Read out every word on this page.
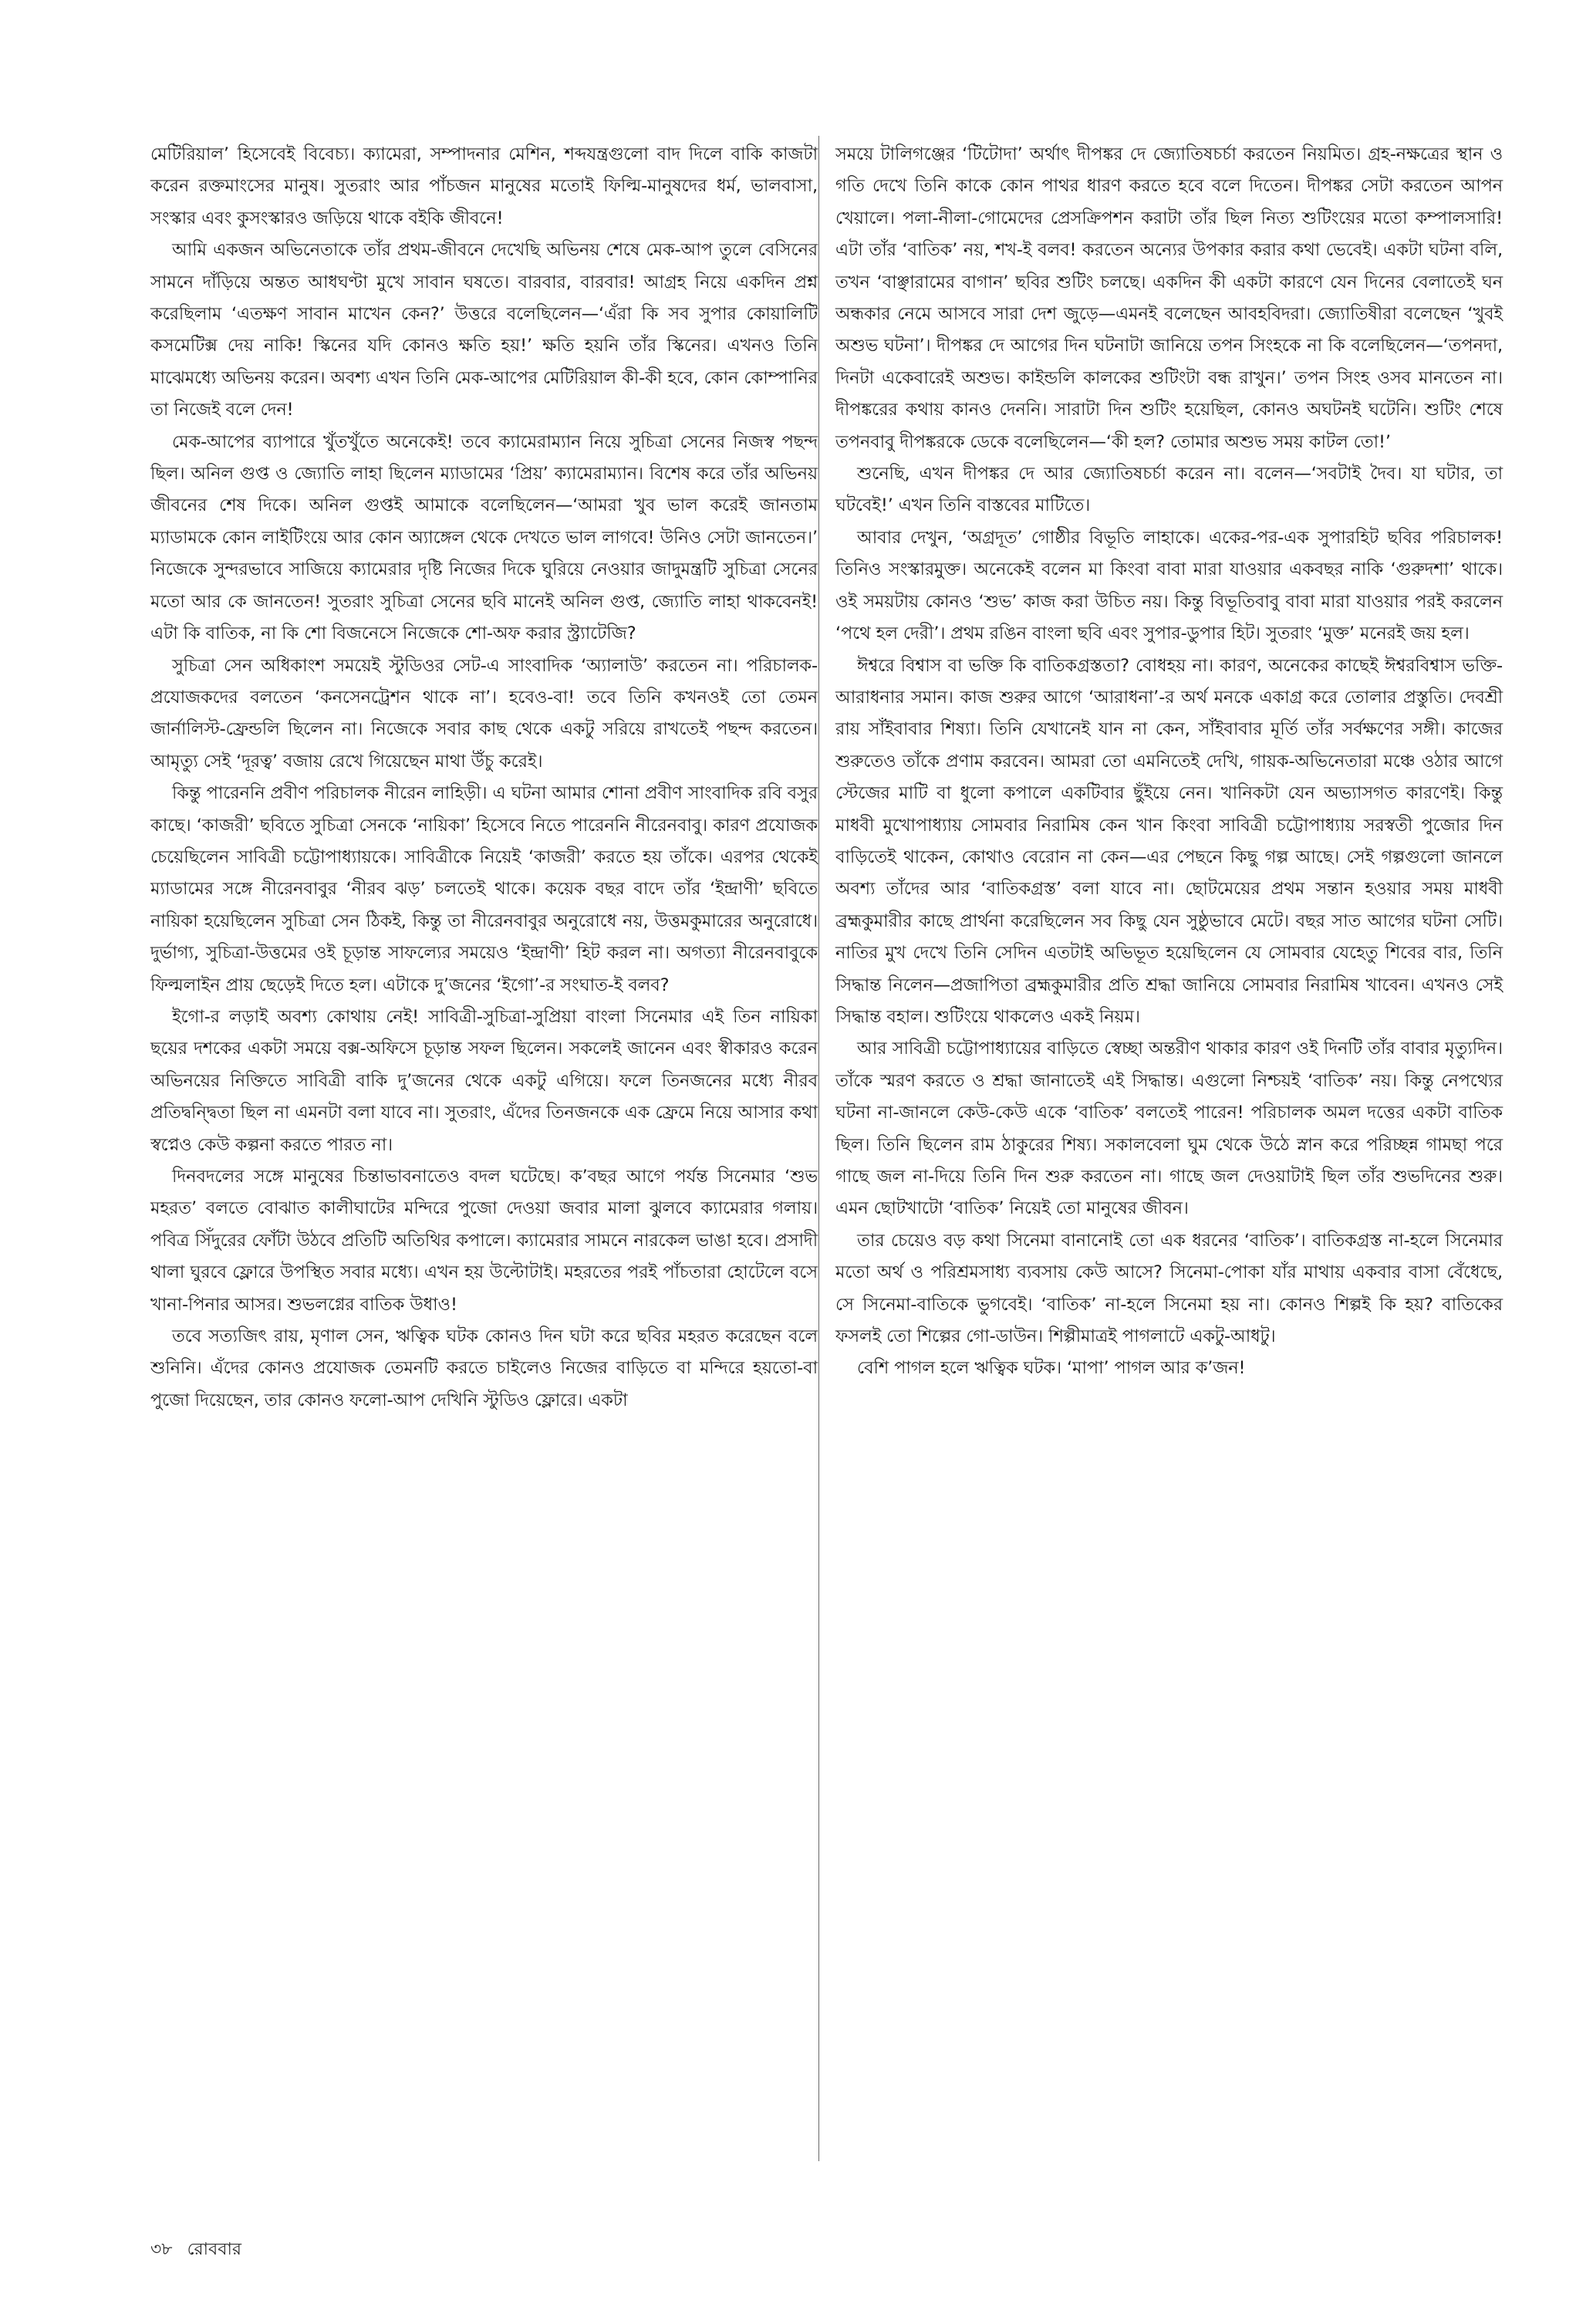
মেটিরিয়াল’ হিসেবেই বিবেচ্য। ক্যামেরা, সম্পাদনার মেশিন, শব্দযন্ত্রগুলো বাদ দিলে বাকি কাজটা করেন রক্তমাংসের মানুষ। সুতরাং আর পাঁচজন মানুষের মতোই ফিল্মি-মানুষদের ধর্ম, ভালবাসা, সংস্কার এবং কুসংস্কারও জড়িয়ে থাকে বইকি জীবনে!

আমি একজন অভিনেতাকে তাঁর প্রথম-জীবনে দেখেছি অভিনয় শেষে মেক-আপ তুলে বেসিনের সামনে দাঁড়িয়ে অন্তত আধঘণ্টা মুখে সাবান ঘষতে। বারবার, বারবার! আগ্রহ নিয়ে একদিন প্রশ্ন করেছিলাম ‘এতক্ষণ সাবান মাখেন কেন?’ উত্তরে বলেছিলেন—‘এঁরা কি সব সুপার কোয়ালিটি কসমেটিক্স দেয় নাকি! স্কিনের যদি কোনও ক্ষতি হয়!’ ক্ষতি হয়নি তাঁর স্কিনের। এখনও তিনি মাঝেমধ্যে অভিনয় করেন। অবশ্য এখন তিনি মেক-আপের মেটিরিয়াল কী-কী হবে, কোন কোম্পানির তা নিজেই বলে দেন!

মেক-আপের ব্যাপারে খুঁতখুঁতে অনেকেই! তবে ক্যামেরাম্যান নিয়ে সুচিত্রা সেনের নিজস্ব পছন্দ ছিল। অনিল গুপ্ত ও জ্যোতি লাহা ছিলেন ম্যাডামের ‘প্রিয়’ ক্যামেরাম্যান। বিশেষ করে তাঁর অভিনয় জীবনের শেষ দিকে। অনিল গুপ্তই আমাকে বলেছিলেন—‘আমরা খুব ভাল করেই জানতাম ম্যাডামকে কোন লাইটিংয়ে আর কোন অ্যাঙ্গেল থেকে দেখতে ভাল লাগবে! উনিও সেটা জানতেন।’ নিজেকে সুন্দরভাবে সাজিয়ে ক্যামেরার দৃষ্টি নিজের দিকে ঘুরিয়ে নেওয়ার জাদুমন্ত্রটি সুচিত্রা সেনের মতো আর কে জানতেন! সুতরাং সুচিত্রা সেনের ছবি মানেই অনিল গুপ্ত, জ্যোতি লাহা থাকবেনই! এটা কি বাতিক, না কি শো বিজনেসে নিজেকে শো-অফ করার স্ট্র্যাটেজি?

সুচিত্রা সেন অধিকাংশ সময়েই স্টুডিওর সেট-এ সাংবাদিক ‘অ্যালাউ’ করতেন না। পরিচালক-প্রযোজকদের বলতেন ‘কনসেনট্রেশন থাকে না’। হবেও-বা! তবে তিনি কখনওই তো তেমন জার্নালিস্ট-ফ্রেন্ডলি ছিলেন না। নিজেকে সবার কাছ থেকে একটু সরিয়ে রাখতেই পছন্দ করতেন। আমৃত্যু সেই ‘দূরত্ব’ বজায় রেখে গিয়েছেন মাথা উঁচু করেই।

কিন্তু পারেননি প্রবীণ পরিচালক নীরেন লাহিড়ী। এ ঘটনা আমার শোনা প্রবীণ সাংবাদিক রবি বসুর কাছে। ‘কাজরী’ ছবিতে সুচিত্রা সেনকে ‘নায়িকা’ হিসেবে নিতে পারেননি নীরেনবাবু। কারণ প্রযোজক চেয়েছিলেন সাবিত্রী চট্টোপাধ্যায়কে। সাবিত্রীকে নিয়েই ‘কাজরী’ করতে হয় তাঁকে। এরপর থেকেই ম্যাডামের সঙ্গে নীরেনবাবুর ‘নীরব ঝড়’ চলতেই থাকে। কয়েক বছর বাদে তাঁর ‘ইন্দ্রাণী’ ছবিতে নায়িকা হয়েছিলেন সুচিত্রা সেন ঠিকই, কিন্তু তা নীরেনবাবুর অনুরোধে নয়, উত্তমকুমারের অনুরোধে। দুর্ভাগ্য, সুচিত্রা-উত্তমের ওই চূড়ান্ত সাফল্যের সময়েও ‘ইন্দ্রাণী’ হিট করল না। অগত্যা নীরেনবাবুকে ফিল্মলাইন প্রায় ছেড়েই দিতে হল। এটাকে দু’জনের ‘ইগো’-র সংঘাত-ই বলব?

ইগো-র লড়াই অবশ্য কোথায় নেই! সাবিত্রী-সুচিত্রা-সুপ্রিয়া বাংলা সিনেমার এই তিন নায়িকা ছয়ের দশকের একটা সময়ে বক্স-অফিসে চূড়ান্ত সফল ছিলেন। সকলেই জানেন এবং স্বীকারও করেন অভিনয়ের নিক্তিতে সাবিত্রী বাকি দু’জনের থেকে একটু এগিয়ে। ফলে তিনজনের মধ্যে নীরব প্রতিদ্বন্দ্বিতা ছিল না এমনটা বলা যাবে না। সুতরাং, এঁদের তিনজনকে এক ফ্রেমে নিয়ে আসার কথা স্বপ্নেও কেউ কল্পনা করতে পারত না।

দিনবদলের সঙ্গে মানুষের চিন্তাভাবনাতেও বদল ঘটেছে। ক’বছর আগে পর্যন্ত সিনেমার ‘শুভ মহরত’ বলতে বোঝাত কালীঘাটের মন্দিরে পুজো দেওয়া জবার মালা ঝুলবে ক্যামেরার গলায়। পবিত্র সিঁদুরের ফোঁটা উঠবে প্রতিটি অতিথির কপালে। ক্যামেরার সামনে নারকেল ভাঙা হবে। প্রসাদী থালা ঘুরবে ফ্লোরে উপস্থিত সবার মধ্যে। এখন হয় উল্টোটাই। মহরতের পরই পাঁচতারা হোটেলে বসে খানা-পিনার আসর। শুভলগ্নের বাতিক উধাও!

তবে সত্যজিৎ রায়, মৃণাল সেন, ঋত্বিক ঘটক কোনও দিন ঘটা করে ছবির মহরত করেছেন বলে শুনিনি। এঁদের কোনও প্রযোজক তেমনটি করতে চাইলেও নিজের বাড়িতে বা মন্দিরে হয়তো-বা পুজো দিয়েছেন, তার কোনও ফলো-আপ দেখিনি স্টুডিও ফ্লোরে। একটা

সময়ে টালিগঞ্জের ‘টিটোদা’ অর্থাৎ দীপঙ্কর দে জ্যোতিষচর্চা করতেন নিয়মিত। গ্রহ-নক্ষত্রের স্থান ও গতি দেখে তিনি কাকে কোন পাথর ধারণ করতে হবে বলে দিতেন। দীপঙ্কর সেটা করতেন আপন খেয়ালে। পলা-নীলা-গোমেদের প্রেসক্রিপশন করাটা তাঁর ছিল নিত্য শুটিংয়ের মতো কম্পালসারি! এটা তাঁর ‘বাতিক’ নয়, শখ-ই বলব! করতেন অন্যের উপকার করার কথা ভেবেই। একটা ঘটনা বলি, তখন ‘বাঞ্ছারামের বাগান’ ছবির শুটিং চলছে। একদিন কী একটা কারণে যেন দিনের বেলাতেই ঘন অন্ধকার নেমে আসবে সারা দেশ জুড়ে—এমনই বলেছেন আবহবিদরা। জ্যোতিষীরা বলেছেন ‘খুবই অশুভ ঘটনা’। দীপঙ্কর দে আগের দিন ঘটনাটা জানিয়ে তপন সিংহকে না কি বলেছিলেন—‘তপনদা, দিনটা একেবারেই অশুভ। কাইন্ডলি কালকের শুটিংটা বন্ধ রাখুন।’ তপন সিংহ ওসব মানতেন না। দীপঙ্করের কথায় কানও দেননি। সারাটা দিন শুটিং হয়েছিল, কোনও অঘটনই ঘটেনি। শুটিং শেষে তপনবাবু দীপঙ্করকে ডেকে বলেছিলেন—‘কী হল? তোমার অশুভ সময় কাটল তো!’

শুনেছি, এখন দীপঙ্কর দে আর জ্যোতিষচর্চা করেন না। বলেন—‘সবটাই দৈব। যা ঘটার, তা ঘটবেই!’ এখন তিনি বাস্তবের মাটিতে।

আবার দেখুন, ‘অগ্রদূত’ গোষ্ঠীর বিভূতি লাহাকে। একের-পর-এক সুপারহিট ছবির পরিচালক! তিনিও সংস্কারমুক্ত। অনেকেই বলেন মা কিংবা বাবা মারা যাওয়ার একবছর নাকি ‘গুরুদশা’ থাকে। ওই সময়টায় কোনও ‘শুভ’ কাজ করা উচিত নয়। কিন্তু বিভূতিবাবু বাবা মারা যাওয়ার পরই করলেন ‘পথে হল দেরী’। প্রথম রঙিন বাংলা ছবি এবং সুপার-ডুপার হিট। সুতরাং ‘মুক্ত’ মনেরই জয় হল।

ঈশ্বরে বিশ্বাস বা ভক্তি কি বাতিকগ্রস্ততা? বোধহয় না। কারণ, অনেকের কাছেই ঈশ্বরবিশ্বাস ভক্তি-আরাধনার সমান। কাজ শুরুর আগে ‘আরাধনা’-র অর্থ মনকে একাগ্র করে তোলার প্রস্তুতি। দেবশ্রী রায় সাঁইবাবার শিষ্যা। তিনি যেখানেই যান না কেন, সাঁইবাবার মূর্তি তাঁর সর্বক্ষণের সঙ্গী। কাজের শুরুতেও তাঁকে প্রণাম করবেন। আমরা তো এমনিতেই দেখি, গায়ক-অভিনেতারা মঞ্চে ওঠার আগে স্টেজের মাটি বা ধুলো কপালে একটিবার ছুঁইয়ে নেন। খানিকটা যেন অভ্যাসগত কারণেই। কিন্তু মাধবী মুখোপাধ্যায় সোমবার নিরামিষ কেন খান কিংবা সাবিত্রী চট্টোপাধ্যায় সরস্বতী পুজোর দিন বাড়িতেই থাকেন, কোথাও বেরোন না কেন—এর পেছনে কিছু গল্প আছে। সেই গল্পগুলো জানলে অবশ্য তাঁদের আর ‘বাতিকগ্রস্ত’ বলা যাবে না। ছোটমেয়ের প্রথম সন্তান হওয়ার সময় মাধবী ব্রহ্মকুমারীর কাছে প্রার্থনা করেছিলেন সব কিছু যেন সুষ্ঠুভাবে মেটে। বছর সাত আগের ঘটনা সেটি। নাতির মুখ দেখে তিনি সেদিন এতটাই অভিভূত হয়েছিলেন যে সোমবার যেহেতু শিবের বার, তিনি সিদ্ধান্ত নিলেন—প্রজাপিতা ব্রহ্মকুমারীর প্রতি শ্রদ্ধা জানিয়ে সোমবার নিরামিষ খাবেন। এখনও সেই সিদ্ধান্ত বহাল। শুটিংয়ে থাকলেও একই নিয়ম।

আর সাবিত্রী চট্টোপাধ্যায়ের বাড়িতে স্বেচ্ছা অন্তরীণ থাকার কারণ ওই দিনটি তাঁর বাবার মৃত্যুদিন। তাঁকে স্মরণ করতে ও শ্রদ্ধা জানাতেই এই সিদ্ধান্ত। এগুলো নিশ্চয়ই ‘বাতিক’ নয়। কিন্তু নেপথ্যের ঘটনা না-জানলে কেউ-কেউ একে ‘বাতিক’ বলতেই পারেন! পরিচালক অমল দত্তের একটা বাতিক ছিল। তিনি ছিলেন রাম ঠাকুরের শিষ্য। সকালবেলা ঘুম থেকে উঠে স্নান করে পরিচ্ছন্ন গামছা পরে গাছে জল না-দিয়ে তিনি দিন শুরু করতেন না। গাছে জল দেওয়াটাই ছিল তাঁর শুভদিনের শুরু। এমন ছোটখাটো ‘বাতিক’ নিয়েই তো মানুষের জীবন।

তার চেয়েও বড় কথা সিনেমা বানানোই তো এক ধরনের ‘বাতিক’। বাতিকগ্রস্ত না-হলে সিনেমার মতো অর্থ ও পরিশ্রমসাধ্য ব্যবসায় কেউ আসে? সিনেমা-পোকা যাঁর মাথায় একবার বাসা বেঁধেছে, সে সিনেমা-বাতিকে ভুগবেই। ‘বাতিক’ না-হলে সিনেমা হয় না। কোনও শিল্পই কি হয়? বাতিকের ফসলই তো শিল্পের গো-ডাউন। শিল্পীমাত্রই পাগলাটে একটু-আধটু।

বেশি পাগল হলে ঋত্বিক ঘটক। ‘মাপা’ পাগল আর ক’জন!

৩৮ রোববার
